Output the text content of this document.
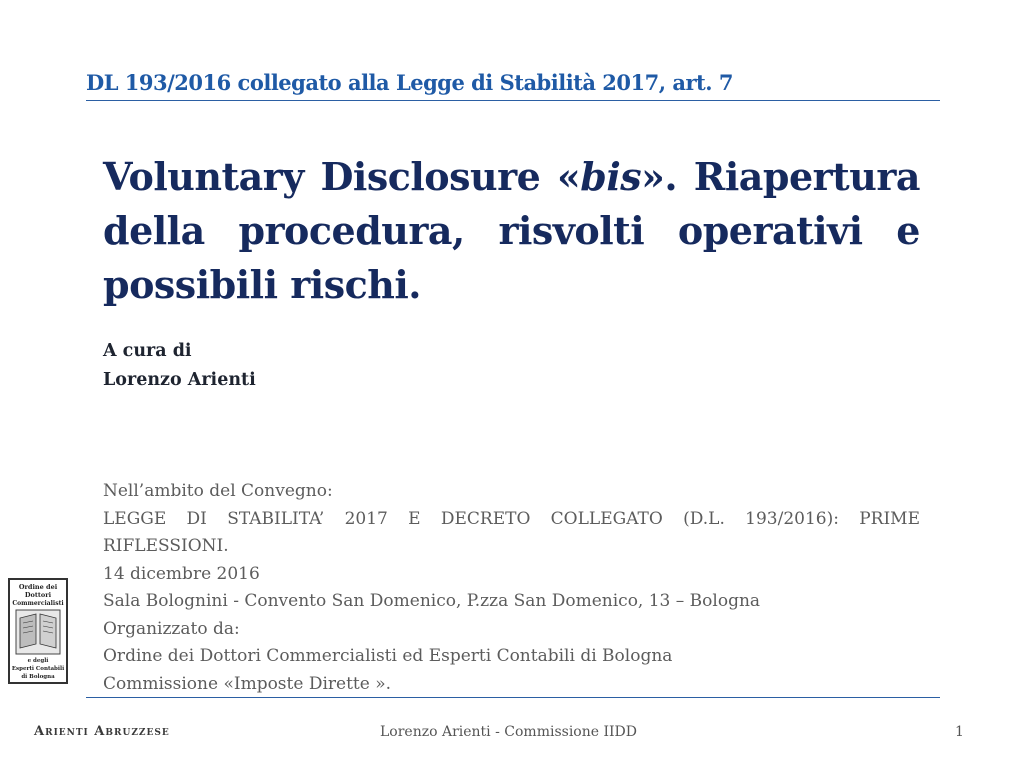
DL 193/2016 collegato alla Legge di Stabilità 2017, art. 7
Voluntary Disclosure «bis». Riapertura della procedura, risvolti operativi e possibili rischi.
A cura di
Lorenzo Arienti
Nell’ambito del Convegno:
LEGGE DI STABILITA’ 2017 E DECRETO COLLEGATO (D.L. 193/2016): PRIME
RIFLESSIONI.
14 dicembre 2016
Sala Bolognini - Convento San Domenico, P.zza San Domenico, 13 – Bologna
Organizzato da:
Ordine dei Dottori Commercialisti ed Esperti Contabili di Bologna
Commissione «Imposte Dirette ».
Ordine dei
Dottori
Commercialisti
e degli
Esperti Contabili
di Bologna
Arienti Abruzzese	Lorenzo Arienti - Commissione IIDD	1
